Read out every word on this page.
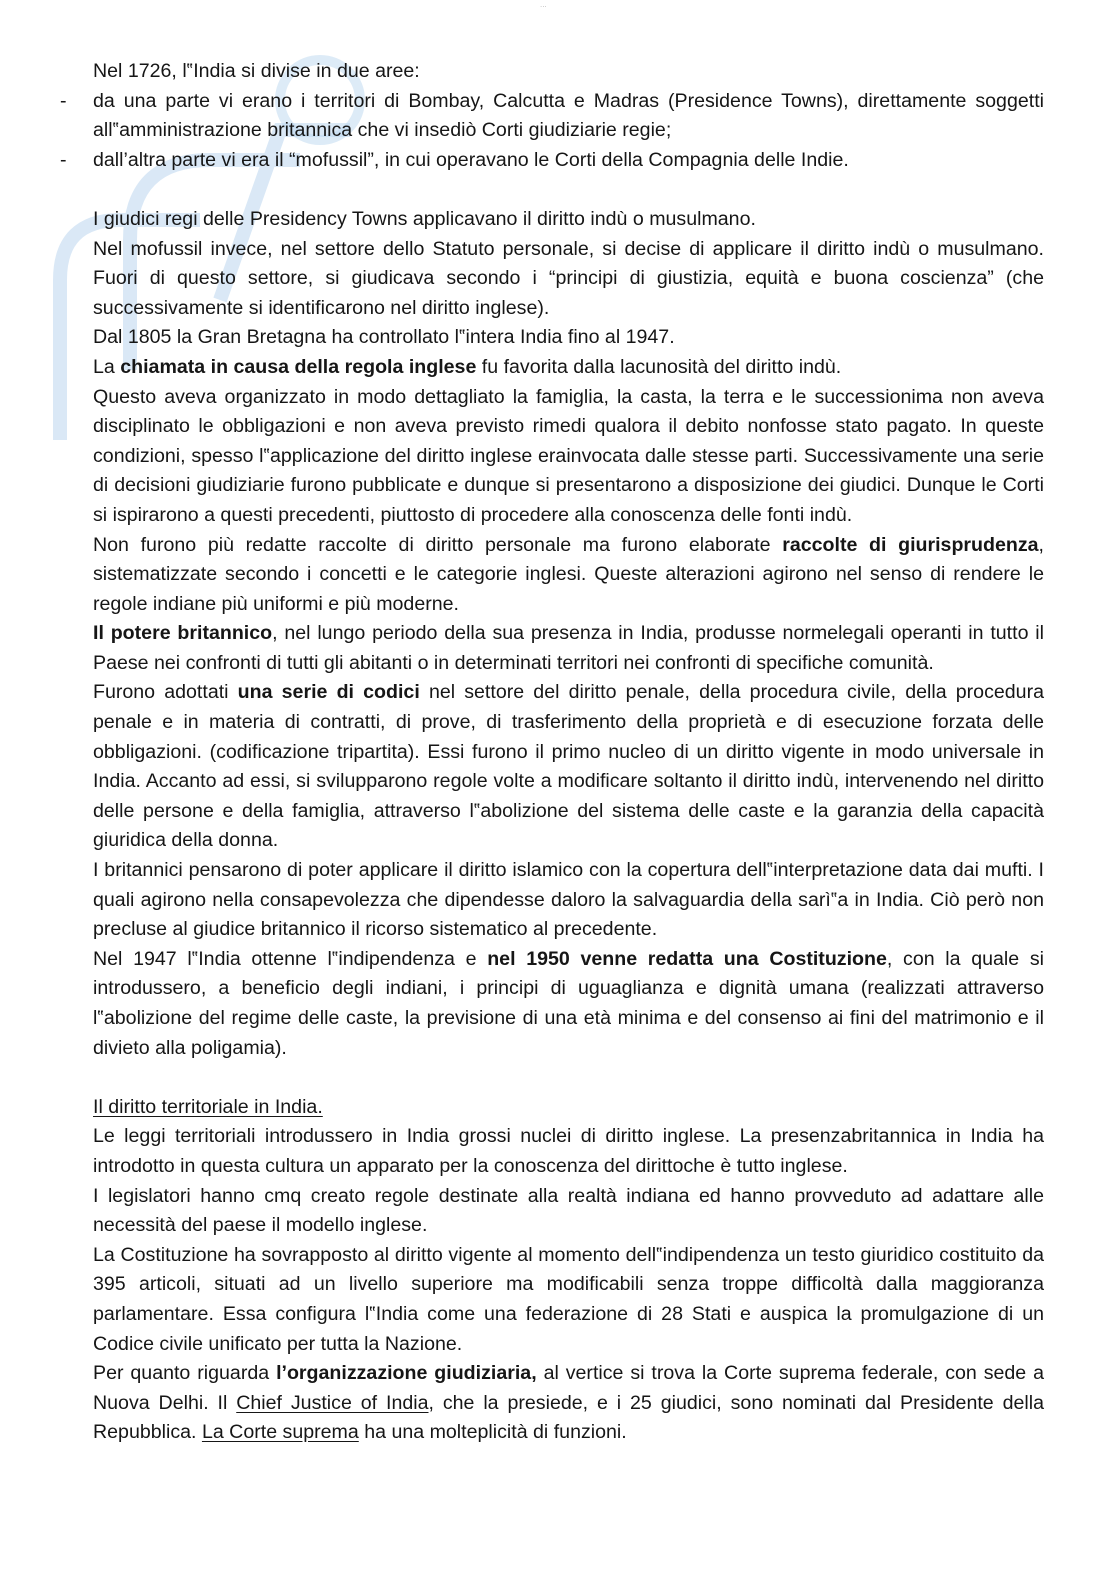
...

Nel 1726, l‟India si divise in due aree:

- da una parte vi erano i territori di Bombay, Calcutta e Madras (Presidence Towns), direttamente soggetti all‟amministrazione britannica che vi insediò Corti giudiziarie regie;

- dall’altra parte vi era il “mofussil”, in cui operavano le Corti della Compagnia delle Indie.

I giudici regi delle Presidency Towns applicavano il diritto indù o musulmano.

Nel mofussil invece, nel settore dello Statuto personale, si decise di applicare il diritto indù o musulmano. Fuori di questo settore, si giudicava secondo i “principi di giustizia, equità e buona coscienza” (che successivamente si identificarono nel diritto inglese).

Dal 1805 la Gran Bretagna ha controllato l‟intera India fino al 1947.

La chiamata in causa della regola inglese fu favorita dalla lacunosità del diritto indù.

Questo aveva organizzato in modo dettagliato la famiglia, la casta, la terra e le successionima non aveva disciplinato le obbligazioni e non aveva previsto rimedi qualora il debito nonfosse stato pagato. In queste condizioni, spesso l‟applicazione del diritto inglese erainvocata dalle stesse parti. Successivamente una serie di decisioni giudiziarie furono pubblicate e dunque si presentarono a disposizione dei giudici. Dunque le Corti si ispirarono a questi precedenti, piuttosto di procedere alla conoscenza delle fonti indù.

Non furono più redatte raccolte di diritto personale ma furono elaborate raccolte di giurisprudenza, sistematizzate secondo i concetti e le categorie inglesi. Queste alterazioni agirono nel senso di rendere le regole indiane più uniformi e più moderne.

Il potere britannico, nel lungo periodo della sua presenza in India, produsse normelegali operanti in tutto il Paese nei confronti di tutti gli abitanti o in determinati territori nei confronti di specifiche comunità.

Furono adottati una serie di codici nel settore del diritto penale, della procedura civile, della procedura penale e in materia di contratti, di prove, di trasferimento della proprietà e di esecuzione forzata delle obbligazioni. (codificazione tripartita). Essi furono il primo nucleo di un diritto vigente in modo universale in India. Accanto ad essi, si svilupparono regole volte a modificare soltanto il diritto indù, intervenendo nel diritto delle persone e della famiglia, attraverso l‟abolizione del sistema delle caste e la garanzia della capacità giuridica della donna.

I britannici pensarono di poter applicare il diritto islamico con la copertura dell‟interpretazione data dai mufti. I quali agirono nella consapevolezza che dipendesse daloro la salvaguardia della sarì‟a in India. Ciò però non precluse al giudice britannico il ricorso sistematico al precedente.

Nel 1947 l‟India ottenne l‟indipendenza e nel 1950 venne redatta una Costituzione, con la quale si introdussero, a beneficio degli indiani, i principi di uguaglianza e dignità umana (realizzati attraverso l‟abolizione del regime delle caste, la previsione di una età minima e del consenso ai fini del matrimonio e il divieto alla poligamia).

Il diritto territoriale in India.

Le leggi territoriali introdussero in India grossi nuclei di diritto inglese. La presenzabritannica in India ha introdotto in questa cultura un apparato per la conoscenza del dirittoche è tutto inglese.

I legislatori hanno cmq creato regole destinate alla realtà indiana ed hanno provveduto ad adattare alle necessità del paese il modello inglese.

La Costituzione ha sovrapposto al diritto vigente al momento dell‟indipendenza un testo giuridico costituito da 395 articoli, situati ad un livello superiore ma modificabili senza troppe difficoltà dalla maggioranza parlamentare. Essa configura l‟India come una federazione di 28 Stati e auspica la promulgazione di un Codice civile unificato per tutta la Nazione.

Per quanto riguarda l’organizzazione giudiziaria, al vertice si trova la Corte suprema federale, con sede a Nuova Delhi. Il Chief Justice of India, che la presiede, e i 25 giudici, sono nominati dal Presidente della Repubblica. La Corte suprema ha una molteplicità di funzioni.
